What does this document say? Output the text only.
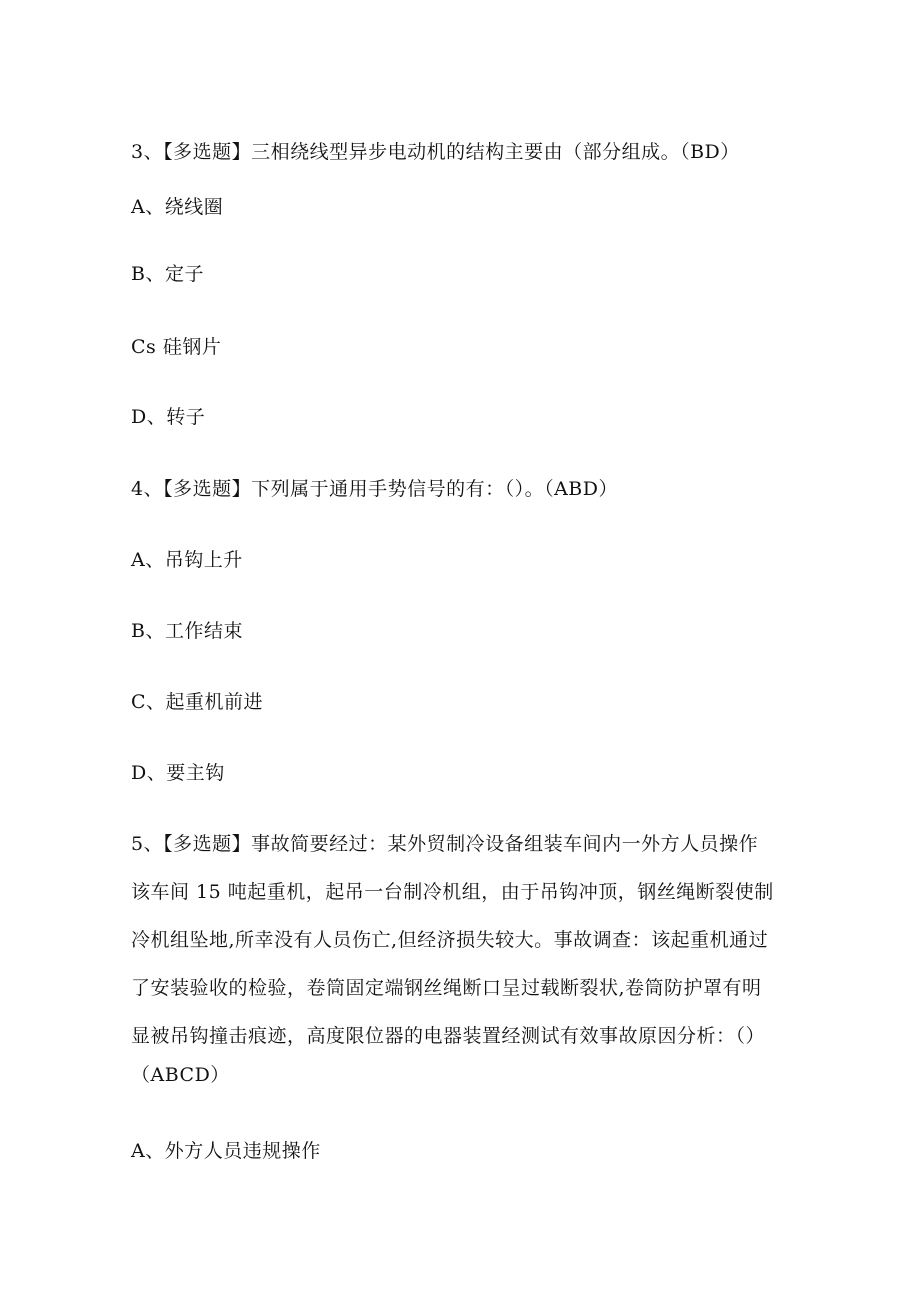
3、【多选题】三相绕线型异步电动机的结构主要由（部分组成。（BD）
A、绕线圈
B、定子
Cs 硅钢片
D、转子
4、【多选题】下列属于通用手势信号的有：（）。（ABD）
A、吊钩上升
B、工作结束
C、起重机前进
D、要主钩
5、【多选题】事故简要经过：某外贸制冷设备组装车间内一外方人员操作
该车间 15 吨起重机，起吊一台制冷机组，由于吊钩冲顶，钢丝绳断裂使制
冷机组坠地,所幸没有人员伤亡,但经济损失较大。事故调查：该起重机通过
了安装验收的检验，卷筒固定端钢丝绳断口呈过载断裂状,卷筒防护罩有明
显被吊钩撞击痕迹，高度限位器的电器装置经测试有效事故原因分析：（）
（ABCD）
A、外方人员违规操作
